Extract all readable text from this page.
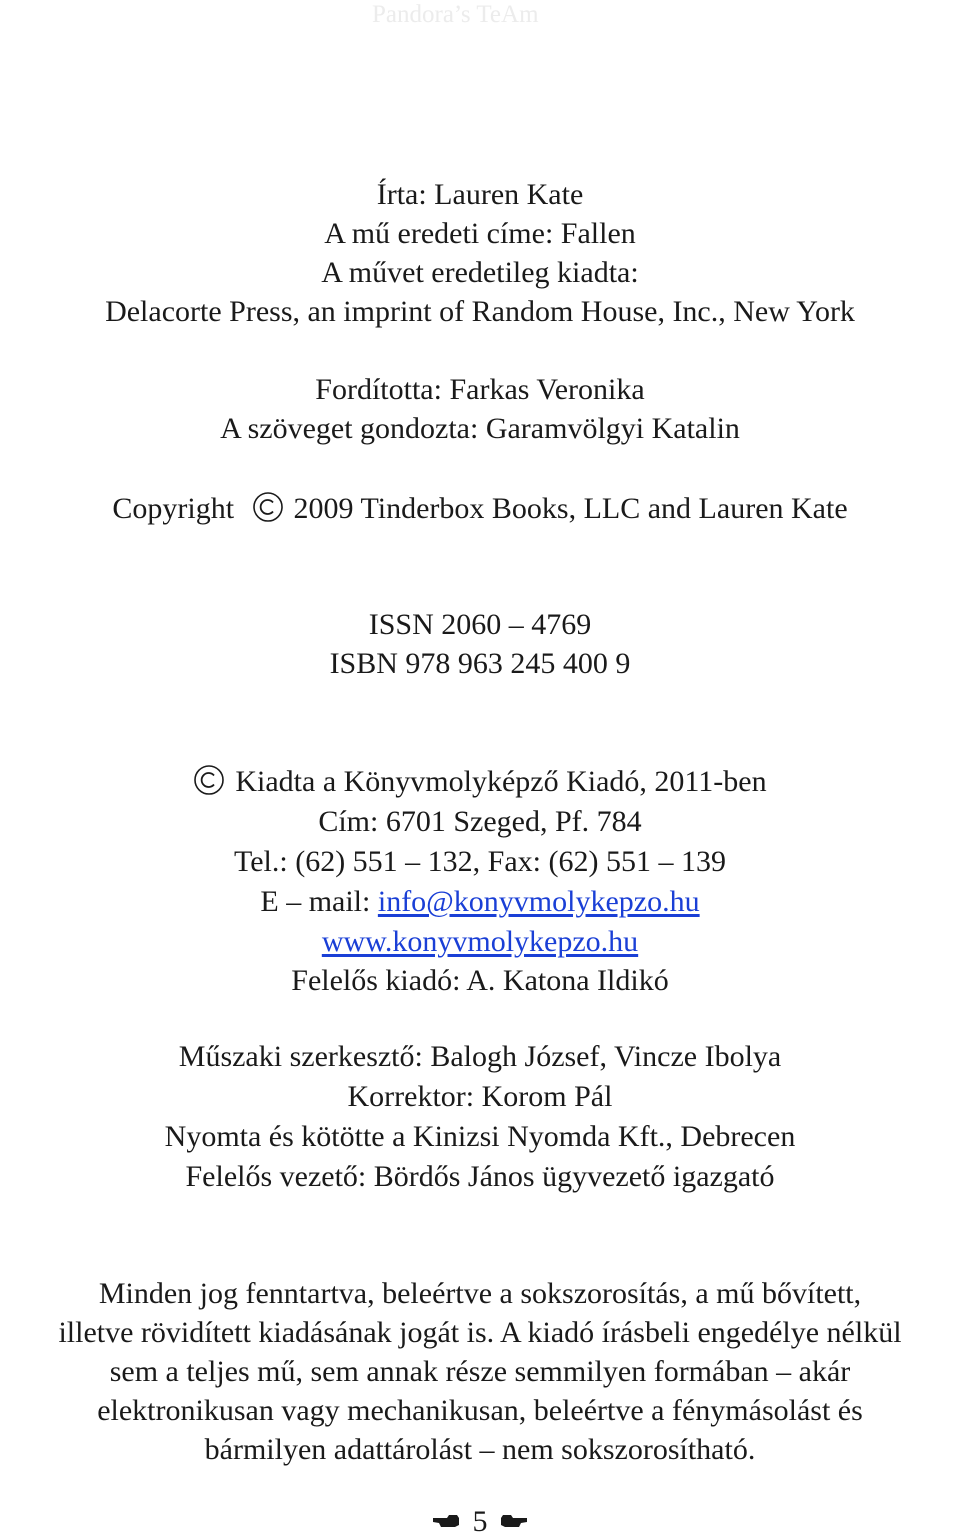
Pandora’s TeAm
Írta: Lauren Kate
A mű eredeti címe: Fallen
A művet eredetileg kiadta:
Delacorte Press, an imprint of Random House, Inc., New York
Fordította: Farkas Veronika
A szöveget gondozta: Garamvölgyi Katalin
Copyright 2009 Tinderbox Books, LLC and Lauren Kate
ISSN 2060 – 4769
ISBN 978 963 245 400 9
Kiadta a Könyvmolyképző Kiadó, 2011-ben
Cím: 6701 Szeged, Pf. 784
Tel.: (62) 551 – 132, Fax: (62) 551 – 139
E – mail: info@konyvmolykepzo.hu
www.konyvmolykepzo.hu
Felelős kiadó: A. Katona Ildikó
Műszaki szerkesztő: Balogh József, Vincze Ibolya
Korrektor: Korom Pál
Nyomta és kötötte a Kinizsi Nyomda Kft., Debrecen
Felelős vezető: Bördős János ügyvezető igazgató
Minden jog fenntartva, beleértve a sokszorosítás, a mű bővített,
illetve rövidített kiadásának jogát is. A kiadó írásbeli engedélye nélkül
sem a teljes mű, sem annak része semmilyen formában – akár
elektronikusan vagy mechanikusan, beleértve a fénymásolást és
bármilyen adattárolást – nem sokszorosítható.
5
